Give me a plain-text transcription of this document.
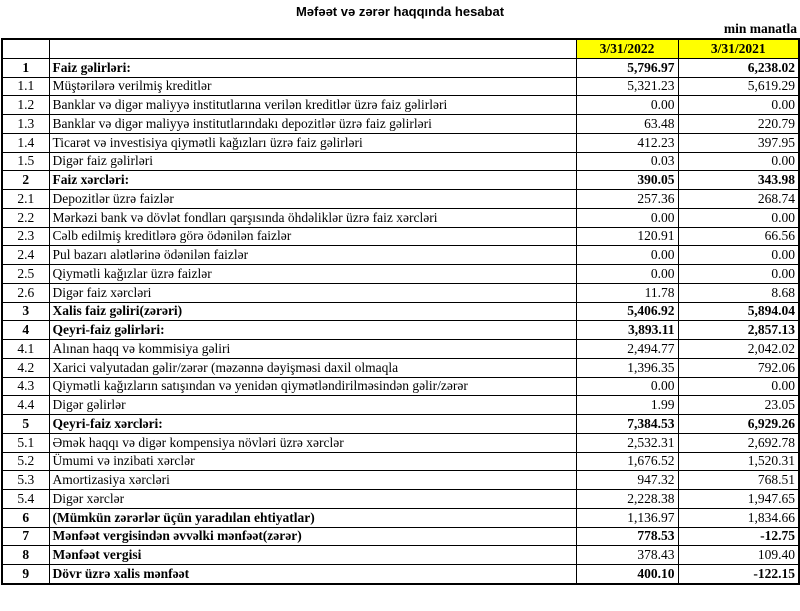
Məfəət və zərər haqqında hesabat
min manatla
		3/31/2022	3/31/2021
1	Faiz gəlirləri:	5,796.97	6,238.02
1.1	Müştərilərə verilmiş kreditlər	5,321.23	5,619.29
1.2	Banklar və digər maliyyə institutlarına verilən kreditlər üzrə faiz gəlirləri	0.00	0.00
1.3	Banklar və digər maliyyə institutlarındakı depozitlər üzrə faiz gəlirləri	63.48	220.79
1.4	Ticarət və investisiya qiymətli kağızları üzrə faiz gəlirləri	412.23	397.95
1.5	Digər faiz gəlirləri	0.03	0.00
2	Faiz xərcləri:	390.05	343.98
2.1	Depozitlər üzrə faizlər	257.36	268.74
2.2	Mərkəzi bank və dövlət fondları qarşısında öhdəliklər üzrə faiz xərcləri	0.00	0.00
2.3	Cəlb edilmiş kreditlərə görə ödənilən faizlər	120.91	66.56
2.4	Pul bazarı alətlərinə ödənilən faizlər	0.00	0.00
2.5	Qiymətli kağızlar üzrə faizlər	0.00	0.00
2.6	Digər faiz xərcləri	11.78	8.68
3	Xalis faiz gəliri(zərəri)	5,406.92	5,894.04
4	Qeyri-faiz gəlirləri:	3,893.11	2,857.13
4.1	Alınan haqq və kommisiya gəliri	2,494.77	2,042.02
4.2	Xarici valyutadan gəlir/zərər (məzənnə dəyişməsi daxil olmaqla	1,396.35	792.06
4.3	Qiymətli kağızların satışından və yenidən qiymətləndirilməsindən gəlir/zərər	0.00	0.00
4.4	Digər gəlirlər	1.99	23.05
5	Qeyri-faiz xərcləri:	7,384.53	6,929.26
5.1	Əmək haqqı və digər kompensiya növləri üzrə xərclər	2,532.31	2,692.78
5.2	Ümumi və inzibati xərclər	1,676.52	1,520.31
5.3	Amortizasiya xərcləri	947.32	768.51
5.4	Digər xərclər	2,228.38	1,947.65
6	(Mümkün zərərlər üçün yaradılan ehtiyatlar)	1,136.97	1,834.66
7	Mənfəət vergisindən əvvəlki mənfəət(zərər)	778.53	-12.75
8	Mənfəət vergisi	378.43	109.40
9	Dövr üzrə xalis mənfəət	400.10	-122.15
